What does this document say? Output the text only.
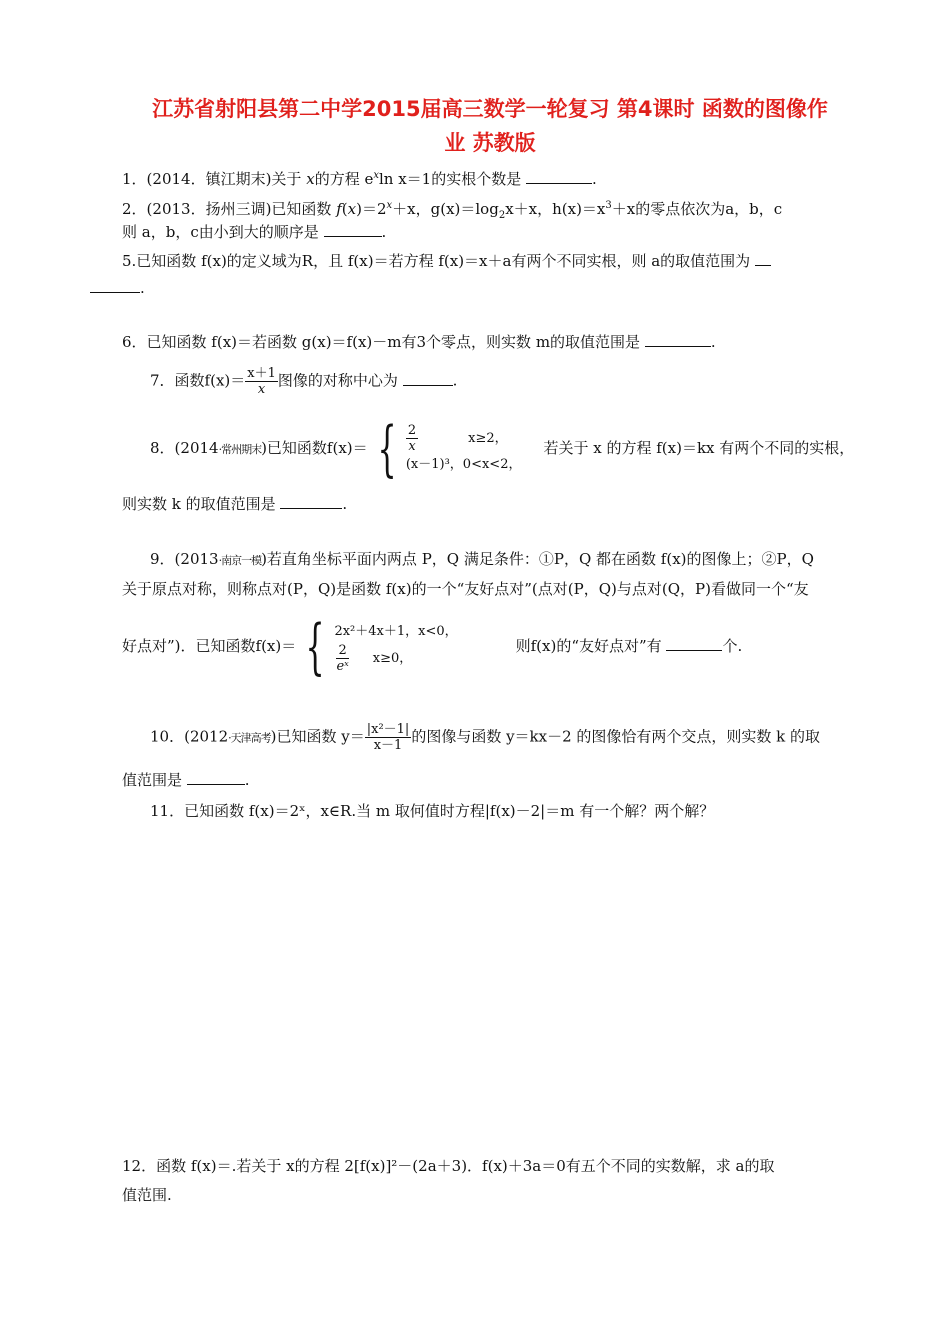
江苏省射阳县第二中学2015届高三数学一轮复习 第4课时 函数的图像作
业 苏教版
1．(2014．镇江期末)关于 x的方程 $e^x\ln$ x＝1的实根个数是	.
2．(2013．扬州三调)已知函数 $f(x)=2^x+x$，$g(x)=\log_2x+x$，$h(x)=x^3+x$的零点依次为a，b，c
则 a，b，c由小到大的顺序是	.
5.已知函数 f(x)的定义域为R，且 f(x)＝若方程 f(x)＝x＋a有两个不同实根，则 a的取值范围为
.
6．已知函数 f(x)＝若函数 g(x)＝f(x)－m有3个零点，则实数 m的取值范围是	.
7．函数$f(x)= \frac{x+1}{x}$ 图像的对称中心为	.
8．(2014·常州期末)已知函数f(x)＝ { $\frac{2}{x}$	x≥2，
(x－1)³，0<x<2，
若关于 x 的方程 f(x)＝kx 有两个不同的实根，
则实数 k 的取值范围是	.
9．(2013·南京一模)若直角坐标平面内两点 P，Q 满足条件：①P，Q 都在函数 f(x)的图像上；②P，Q
关于原点对称，则称点对(P，Q)是函数 f(x)的一个“友好点对”(点对(P，Q)与点对(Q，P)看做同一个“友
好点对”)．已知函数f(x)＝ { 2x²＋4x＋1，x<0，
$\frac{2}{\text{eˣ}} x\ge 0$，
则f(x)的“友好点对”有	个.
10．(2012·天津高考)已知函数 $y= \frac{\text{|x²－1|}}{x-1}$ 的图像与函数 y＝kx－2 的图像恰有两个交点，则实数 k 的取
值范围是	.
11．已知函数 f(x)＝2ˣ，x∈R.当 m 取何值时方程|f(x)－2|＝m 有一个解？两个解？
12．函数 f(x)＝.若关于 x的方程 2[f(x)]²－(2a＋3)．f(x)＋3a＝0有五个不同的实数解，求 a的取
值范围.
